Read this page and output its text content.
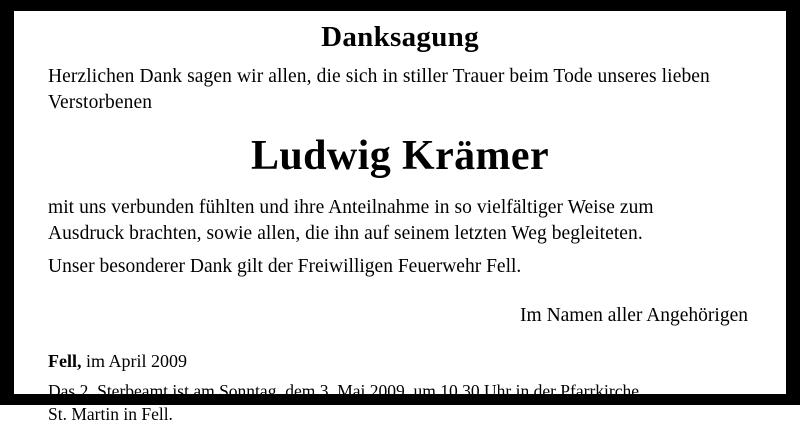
Danksagung

Herzlichen Dank sagen wir allen, die sich in stiller Trauer beim Tode unseres lieben Verstorbenen

Ludwig Krämer

mit uns verbunden fühlten und ihre Anteilnahme in so vielfältiger Weise zum
Ausdruck brachten, sowie allen, die ihn auf seinem letzten Weg begleiteten.

Unser besonderer Dank gilt der Freiwilligen Feuerwehr Fell.

Im Namen aller Angehörigen

Fell, im April 2009

Das 2. Sterbeamt ist am Sonntag, dem 3. Mai 2009, um 10.30 Uhr in der Pfarrkirche
St. Martin in Fell.
